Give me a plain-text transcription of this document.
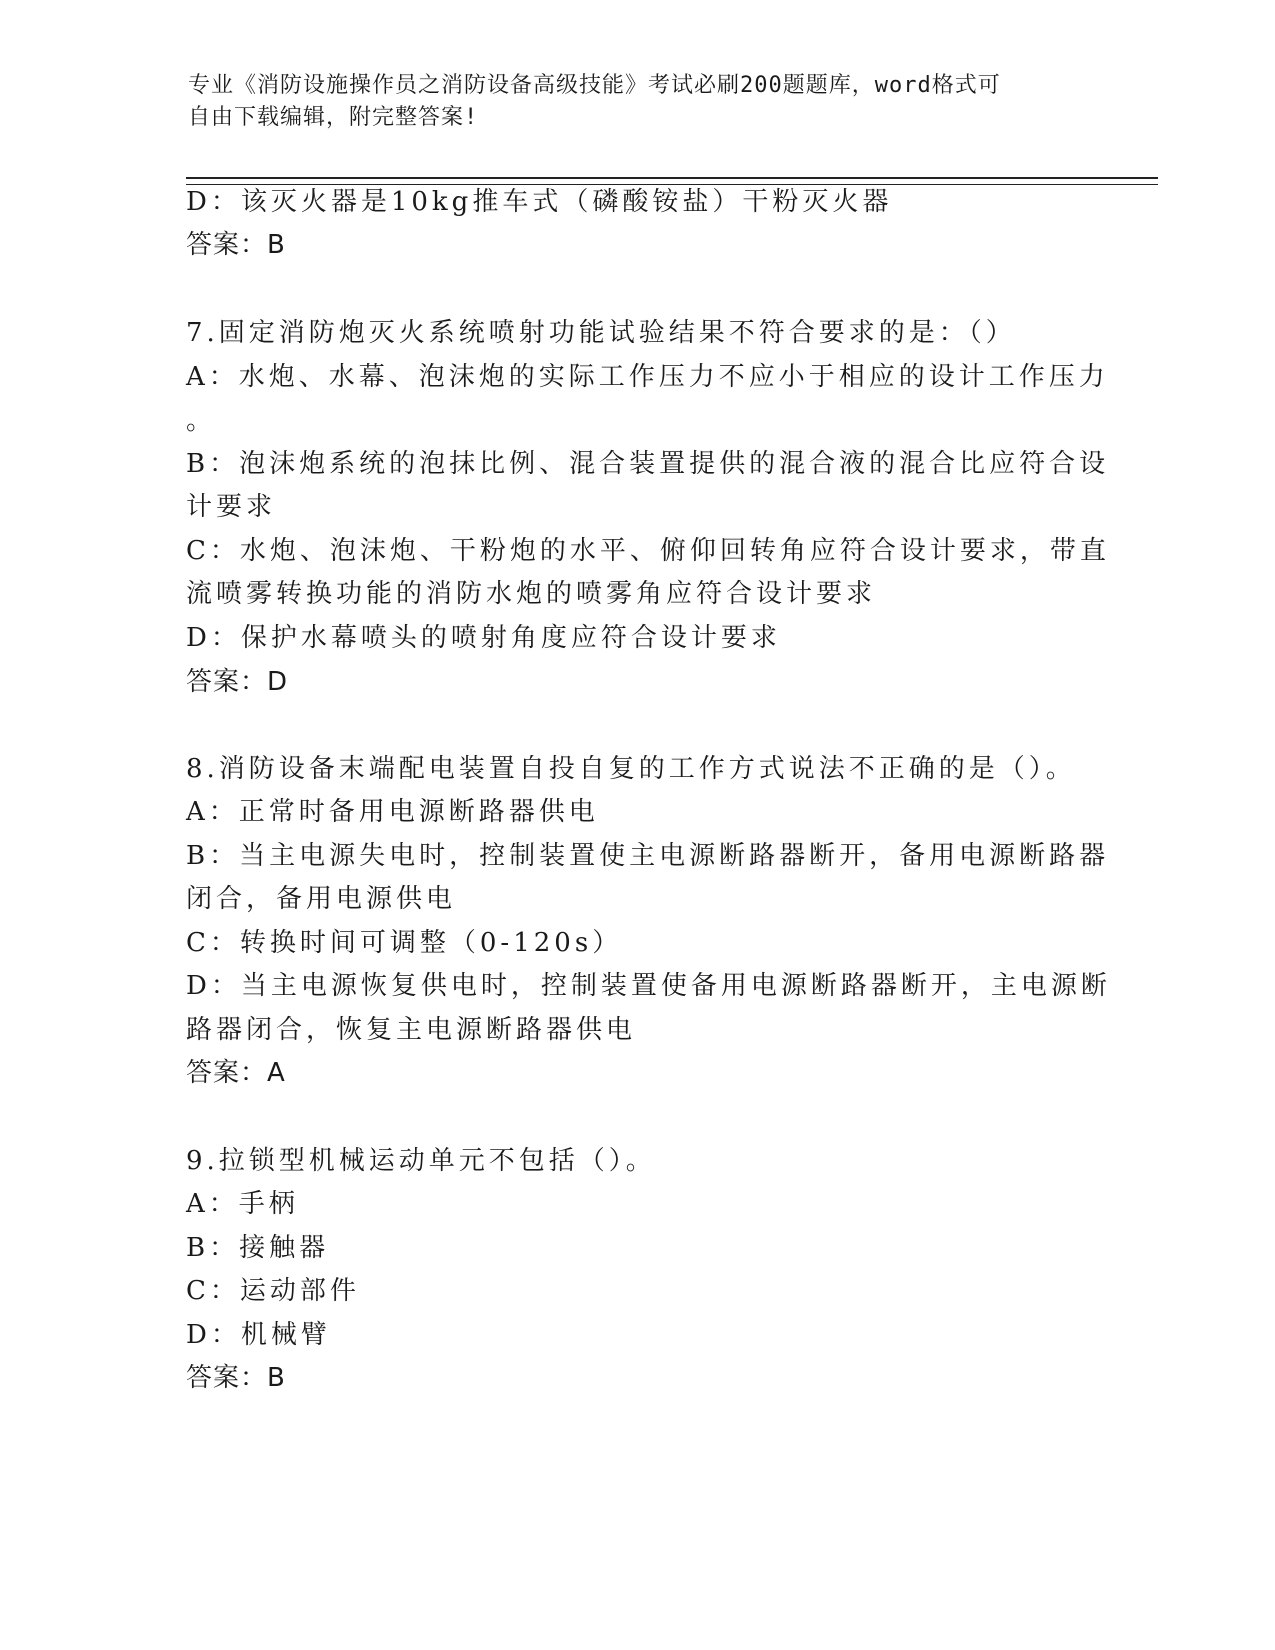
专业《消防设施操作员之消防设备高级技能》考试必刷200题题库，word格式可
自由下载编辑，附完整答案!
D：该灭火器是10kg推车式（磷酸铵盐）干粉灭火器
答案：B
7.固定消防炮灭火系统喷射功能试验结果不符合要求的是：（）
A：水炮、水幕、泡沫炮的实际工作压力不应小于相应的设计工作压力
。
B：泡沫炮系统的泡抹比例、混合装置提供的混合液的混合比应符合设
计要求
C：水炮、泡沫炮、干粉炮的水平、俯仰回转角应符合设计要求，带直
流喷雾转换功能的消防水炮的喷雾角应符合设计要求
D：保护水幕喷头的喷射角度应符合设计要求
答案：D
8.消防设备末端配电装置自投自复的工作方式说法不正确的是（）。
A：正常时备用电源断路器供电
B：当主电源失电时，控制装置使主电源断路器断开，备用电源断路器
闭合，备用电源供电
C：转换时间可调整（0-120s）
D：当主电源恢复供电时，控制装置使备用电源断路器断开，主电源断
路器闭合，恢复主电源断路器供电
答案：A
9.拉锁型机械运动单元不包括（）。
A：手柄
B：接触器
C：运动部件
D：机械臂
答案：B
